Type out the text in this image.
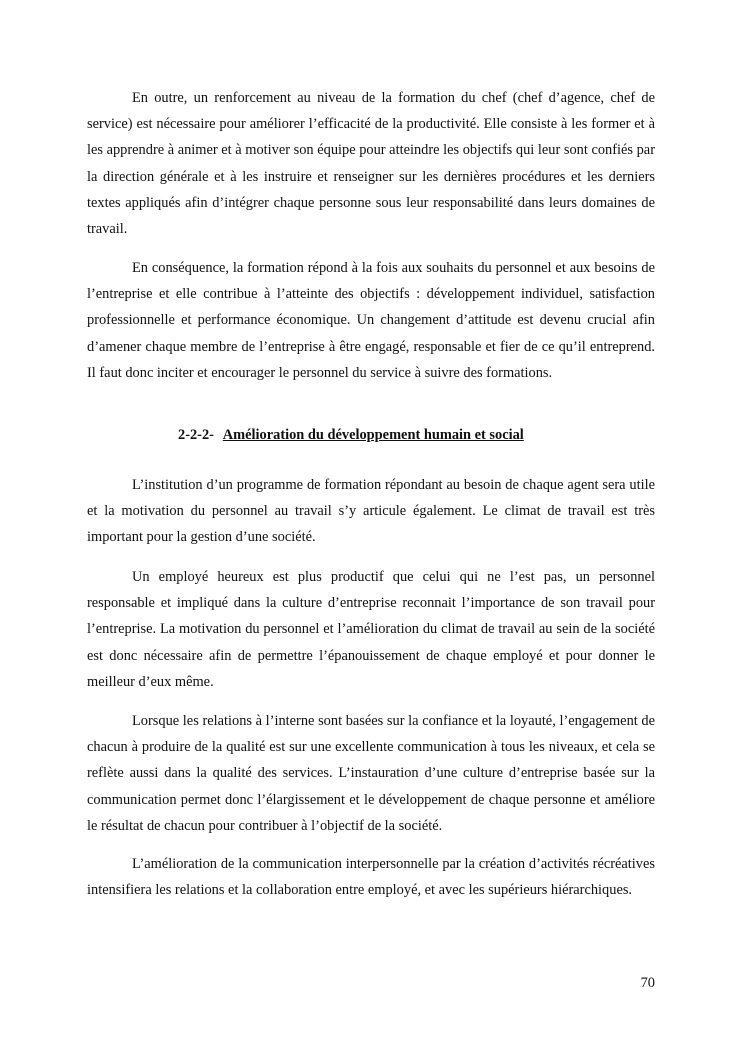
En outre, un renforcement au niveau de la formation du chef (chef d’agence, chef de service) est nécessaire pour améliorer l’efficacité de la productivité. Elle consiste à les former et à les apprendre à animer et à motiver son équipe pour atteindre les objectifs qui leur sont confiés par la direction générale et à les instruire et renseigner sur les dernières procédures et les derniers textes appliqués afin d’intégrer chaque personne sous leur responsabilité dans leurs domaines de travail.

En conséquence, la formation répond à la fois aux souhaits du personnel et aux besoins de l’entreprise et elle contribue à l’atteinte des objectifs : développement individuel, satisfaction professionnelle et performance économique. Un changement d’attitude est devenu crucial afin d’amener chaque membre de l’entreprise à être engagé, responsable et fier de ce qu’il entreprend. Il faut donc inciter et encourager le personnel du service à suivre des formations.

2-2-2- Amélioration du développement humain et social

L’institution d’un programme de formation répondant au besoin de chaque agent sera utile et la motivation du personnel au travail s’y articule également. Le climat de travail est très important pour la gestion d’une société.

Un employé heureux est plus productif que celui qui ne l’est pas, un personnel responsable et impliqué dans la culture d’entreprise reconnait l’importance de son travail pour l’entreprise. La motivation du personnel et l’amélioration du climat de travail au sein de la société est donc nécessaire afin de permettre l’épanouissement de chaque employé et pour donner le meilleur d’eux même.

Lorsque les relations à l’interne sont basées sur la confiance et la loyauté, l’engagement de chacun à produire de la qualité est sur une excellente communication à tous les niveaux, et cela se reflète aussi dans la qualité des services. L’instauration d’une culture d’entreprise basée sur la communication permet donc l’élargissement et le développement de chaque personne et améliore le résultat de chacun pour contribuer à l’objectif de la société.

L’amélioration de la communication interpersonnelle par la création d’activités récréatives intensifiera les relations et la collaboration entre employé, et avec les supérieurs hiérarchiques.

70
